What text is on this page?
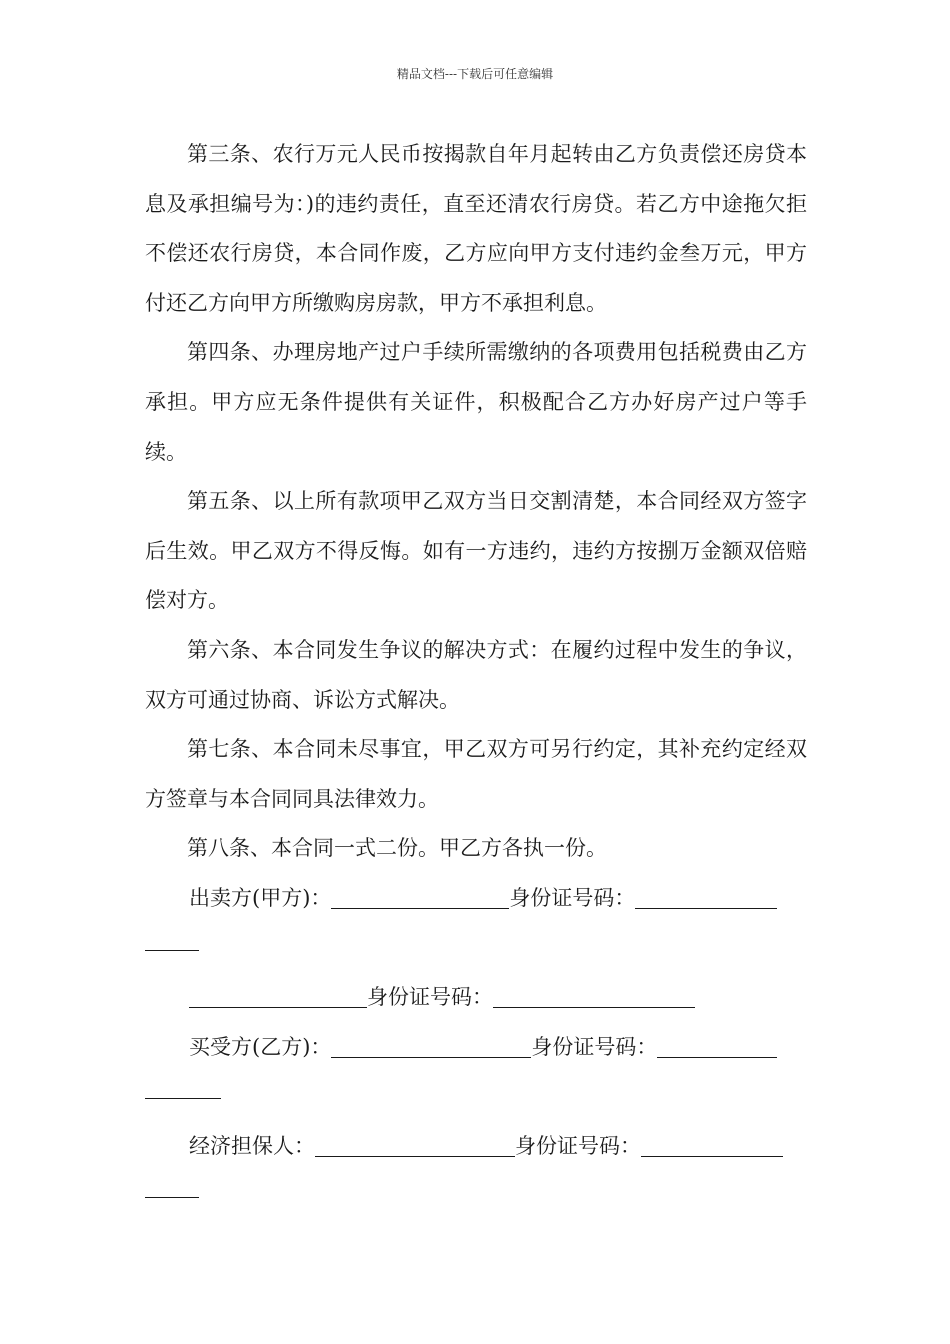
精品文档---下载后可任意编辑

第三条、农行万元人民币按揭款自年月起转由乙方负责偿还房贷本息及承担编号为：)的违约责任，直至还清农行房贷。若乙方中途拖欠拒不偿还农行房贷，本合同作废，乙方应向甲方支付违约金叁万元，甲方付还乙方向甲方所缴购房房款，甲方不承担利息。

第四条、办理房地产过户手续所需缴纳的各项费用包括税费由乙方承担。甲方应无条件提供有关证件，积极配合乙方办好房产过户等手续。

第五条、以上所有款项甲乙双方当日交割清楚，本合同经双方签字后生效。甲乙双方不得反悔。如有一方违约，违约方按捌万金额双倍赔偿对方。

第六条、本合同发生争议的解决方式：在履约过程中发生的争议，双方可通过协商、诉讼方式解决。

第七条、本合同未尽事宜，甲乙双方可另行约定，其补充约定经双方签章与本合同同具法律效力。

第八条、本合同一式二份。甲乙方各执一份。

出卖方(甲方)：	身份证号码：
身份证号码：
买受方(乙方)：	身份证号码：
经济担保人：	身份证号码：
